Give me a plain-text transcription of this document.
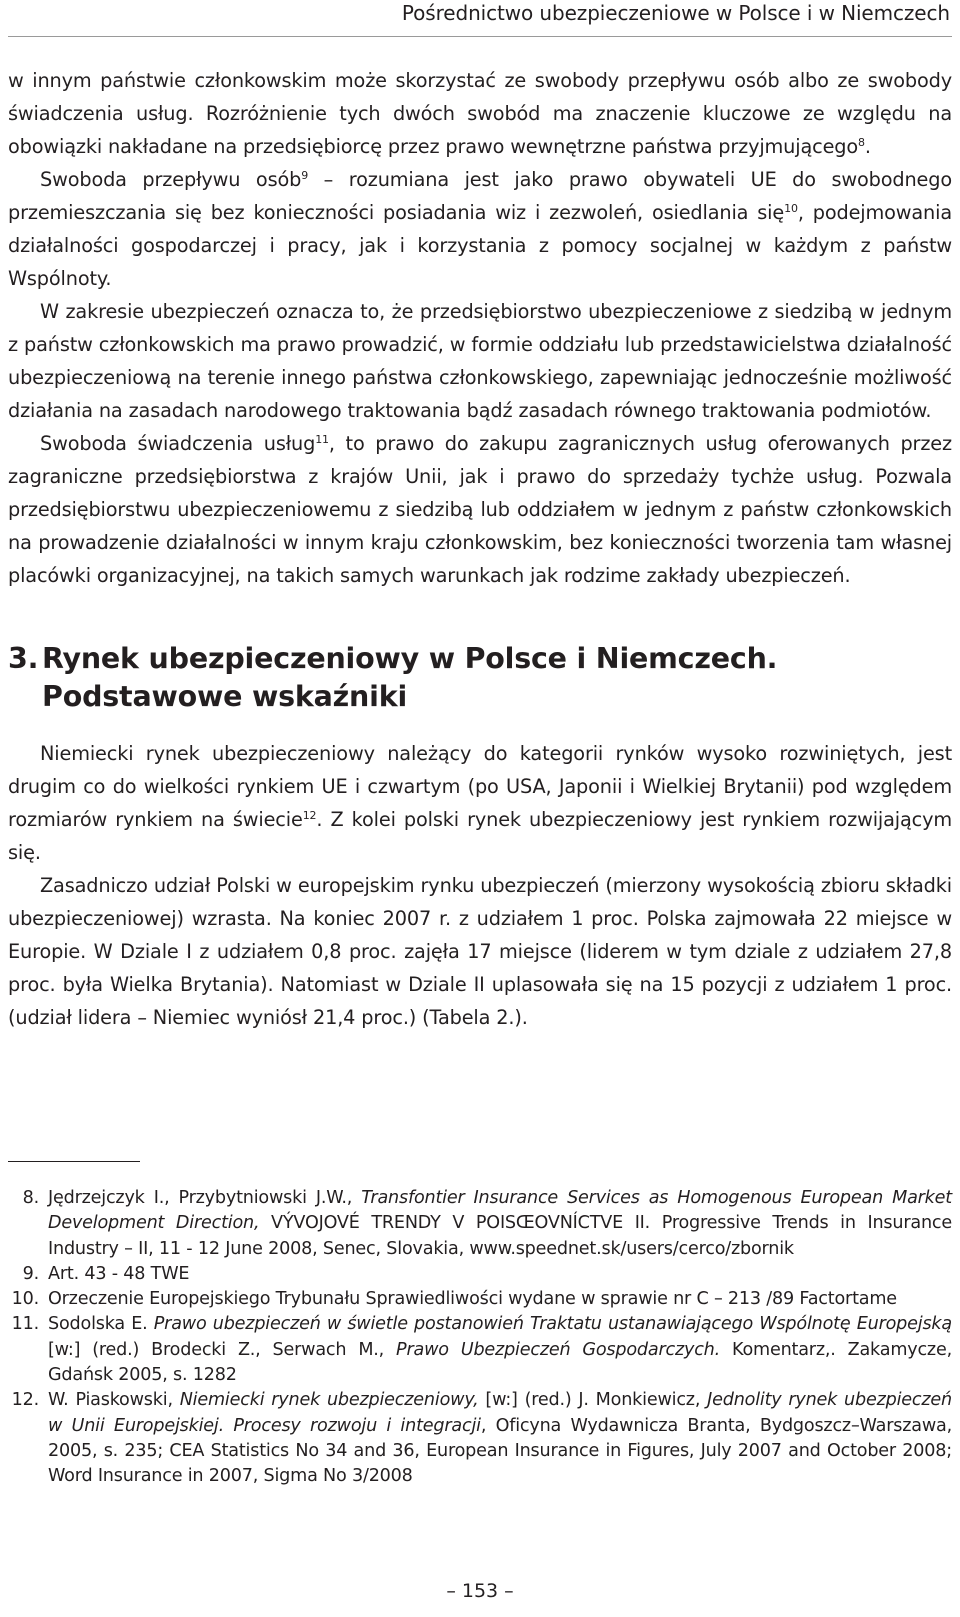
Pośrednictwo ubezpieczeniowe w Polsce i w Niemczech

w innym państwie członkowskim może skorzystać ze swobody przepływu osób albo ze swobody świadczenia usług. Rozróżnienie tych dwóch swobód ma znaczenie kluczowe ze względu na obowiązki nakładane na przedsiębiorcę przez prawo wewnętrzne państwa przyjmującego$^8$.

Swoboda przepływu osób$^9$ – rozumiana jest jako prawo obywateli UE do swobodnego przemieszczania się bez konieczności posiadania wiz i zezwoleń, osiedlania się$^{10}$, podejmowania działalności gospodarczej i pracy, jak i korzystania z pomocy socjalnej w każdym z państw Wspólnoty.

W zakresie ubezpieczeń oznacza to, że przedsiębiorstwo ubezpieczeniowe z siedzibą w jednym z państw członkowskich ma prawo prowadzić, w formie oddziału lub przedstawicielstwa działalność ubezpieczeniową na terenie innego państwa członkowskiego, zapewniając jednocześnie możliwość działania na zasadach narodowego traktowania bądź zasadach równego traktowania podmiotów.

Swoboda świadczenia usług$^{11}$, to prawo do zakupu zagranicznych usług oferowanych przez zagraniczne przedsiębiorstwa z krajów Unii, jak i prawo do sprzedaży tychże usług. Pozwala przedsiębiorstwu ubezpieczeniowemu z siedzibą lub oddziałem w jednym z państw członkowskich na prowadzenie działalności w innym kraju członkowskim, bez konieczności tworzenia tam własnej placówki organizacyjnej, na takich samych warunkach jak rodzime zakłady ubezpieczeń.

3. Rynek ubezpieczeniowy w Polsce i Niemczech.
Podstawowe wskaźniki

Niemiecki rynek ubezpieczeniowy należący do kategorii rynków wysoko rozwiniętych, jest drugim co do wielkości rynkiem UE i czwartym (po USA, Japonii i Wielkiej Brytanii) pod względem rozmiarów rynkiem na świecie$^{12}$. Z kolei polski rynek ubezpieczeniowy jest rynkiem rozwijającym się.

Zasadniczo udział Polski w europejskim rynku ubezpieczeń (mierzony wysokością zbioru składki ubezpieczeniowej) wzrasta. Na koniec 2007 r. z udziałem 1 proc. Polska zajmowała 22 miejsce w Europie. W Dziale I z udziałem 0,8 proc. zajęła 17 miejsce (liderem w tym dziale z udziałem 27,8 proc. była Wielka Brytania). Natomiast w Dziale II uplasowała się na 15 pozycji z udziałem 1 proc. (udział lidera – Niemiec wyniósł 21,4 proc.) (Tabela 2.).

8. Jędrzejczyk I., Przybytniowski J.W., Transfontier Insurance Services as Homogenous European Market Development Direction, VÝVOJOVÉ TRENDY V POISŒOVNÍCTVE II. Progressive Trends in Insurance Industry – II, 11 - 12 June 2008, Senec, Slovakia, www.speednet.sk/users/cerco/zbornik
9. Art. 43 - 48 TWE
10. Orzeczenie Europejskiego Trybunału Sprawiedliwości wydane w sprawie nr C – 213 /89 Factortame
11. Sodolska E. Prawo ubezpieczeń w świetle postanowień Traktatu ustanawiającego Wspólnotę Europejską [w:] (red.) Brodecki Z., Serwach M., Prawo Ubezpieczeń Gospodarczych. Komentarz,. Zakamycze, Gdańsk 2005, s. 1282
12. W. Piaskowski, Niemiecki rynek ubezpieczeniowy, [w:] (red.) J. Monkiewicz, Jednolity rynek ubezpieczeń w Unii Europejskiej. Procesy rozwoju i integracji, Oficyna Wydawnicza Branta, Bydgoszcz–Warszawa, 2005, s. 235; CEA Statistics No 34 and 36, European Insurance in Figures, July 2007 and October 2008; Word Insurance in 2007, Sigma No 3/2008
– 153 –
